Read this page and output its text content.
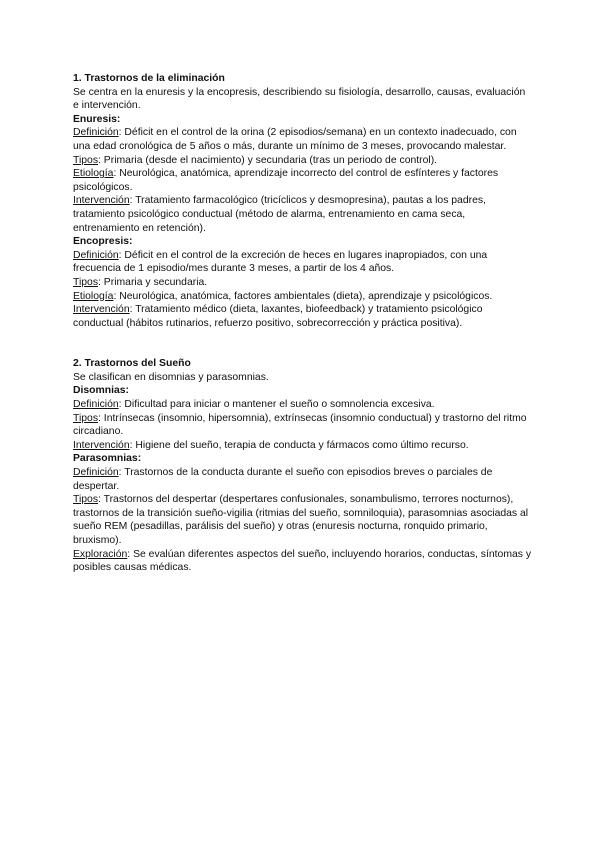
1. Trastornos de la eliminación

Se centra en la enuresis y la encopresis, describiendo su fisiología, desarrollo, causas, evaluación e intervención.

Enuresis:

Definición: Déficit en el control de la orina (2 episodios/semana) en un contexto inadecuado, con una edad cronológica de 5 años o más, durante un mínimo de 3 meses, provocando malestar.

Tipos: Primaria (desde el nacimiento) y secundaria (tras un periodo de control).

Etiología: Neurológica, anatómica, aprendizaje incorrecto del control de esfínteres y factores psicológicos.

Intervención: Tratamiento farmacológico (tricíclicos y desmopresina), pautas a los padres, tratamiento psicológico conductual (método de alarma, entrenamiento en cama seca, entrenamiento en retención).

Encopresis:

Definición: Déficit en el control de la excreción de heces en lugares inapropiados, con una frecuencia de 1 episodio/mes durante 3 meses, a partir de los 4 años.

Tipos: Primaria y secundaria.

Etiología: Neurológica, anatómica, factores ambientales (dieta), aprendizaje y psicológicos.

Intervención: Tratamiento médico (dieta, laxantes, biofeedback) y tratamiento psicológico conductual (hábitos rutinarios, refuerzo positivo, sobrecorrección y práctica positiva).

2. Trastornos del Sueño

Se clasifican en disomnias y parasomnias.

Disomnias:

Definición: Dificultad para iniciar o mantener el sueño o somnolencia excesiva.

Tipos: Intrínsecas (insomnio, hipersomnia), extrínsecas (insomnio conductual) y trastorno del ritmo circadiano.

Intervención: Higiene del sueño, terapia de conducta y fármacos como último recurso.

Parasomnias:

Definición: Trastornos de la conducta durante el sueño con episodios breves o parciales de despertar.

Tipos: Trastornos del despertar (despertares confusionales, sonambulismo, terrores nocturnos), trastornos de la transición sueño-vigilia (ritmias del sueño, somniloquia), parasomnias asociadas al sueño REM (pesadillas, parálisis del sueño) y otras (enuresis nocturna, ronquido primario, bruxismo).

Exploración: Se evalúan diferentes aspectos del sueño, incluyendo horarios, conductas, síntomas y posibles causas médicas.
